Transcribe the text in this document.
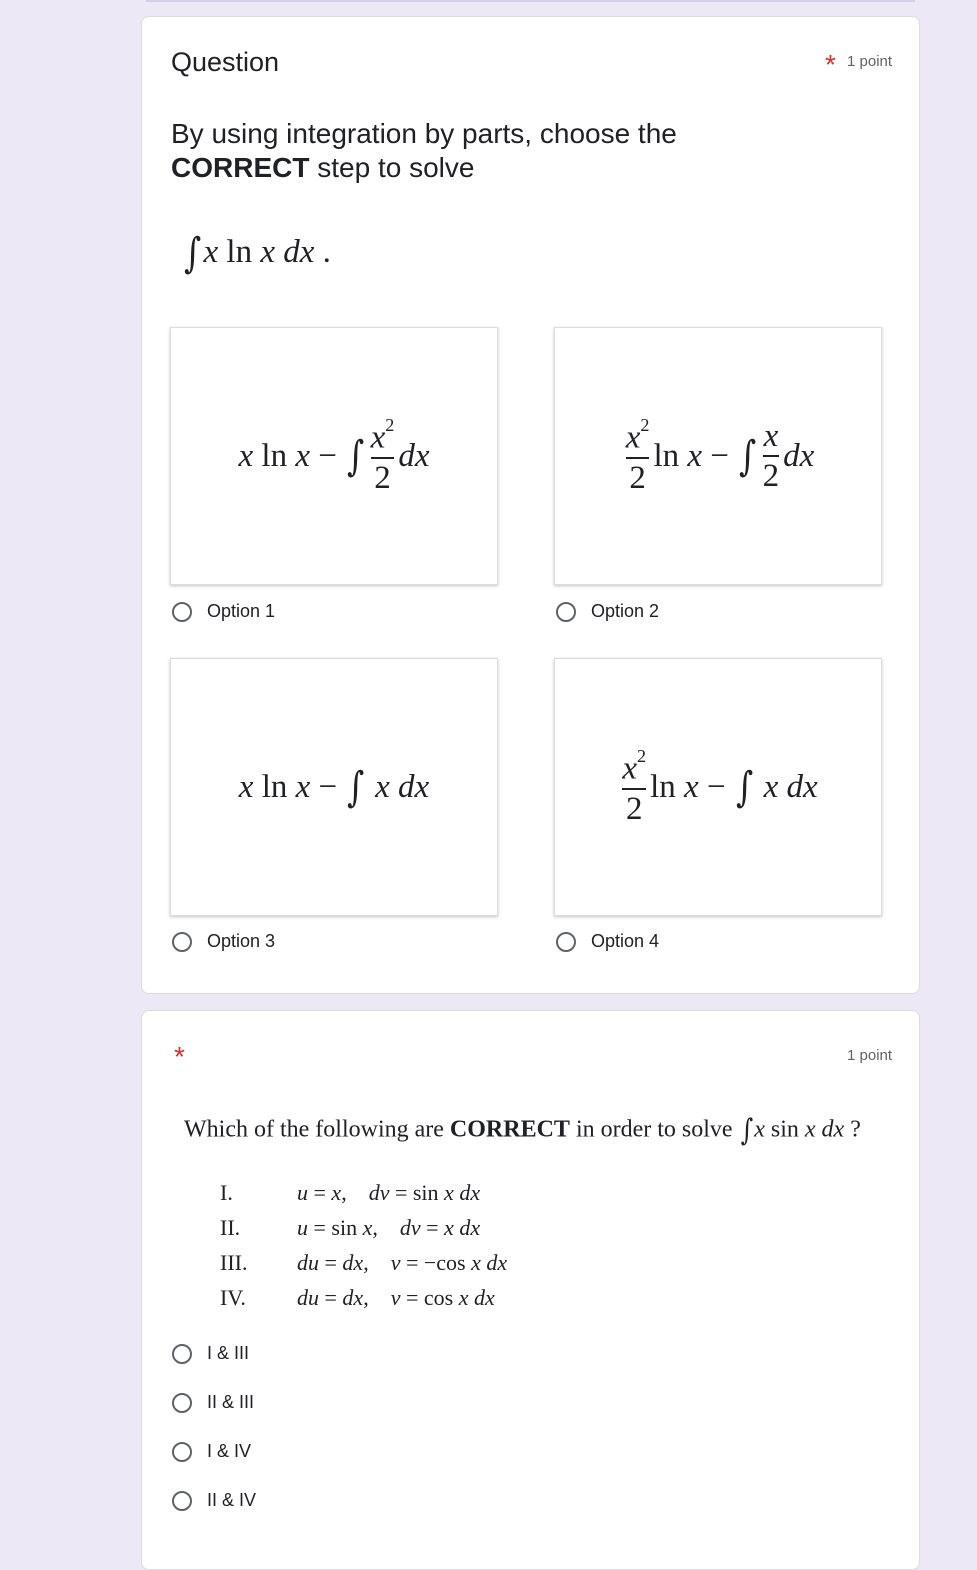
Question	* 1 point
By using integration by parts, choose the
CORRECT step to solve
∫x ln x dx .
x ln x − ∫ $\frac{x^2}{2}$ dx	$\frac{x^2}{2}$ ln x − ∫ $\frac{x}{2}$ dx
Option 1	Option 2
x ln x − ∫
x
dx	$\frac{x^2}{2}$ ln x − ∫
x
dx
Option 3	Option 4
*	1 point
Which of the following are CORRECT in order to solve ∫x sin x dx ?
I.	u = x, dv = sin x dx
II.	u = sin x, dv = x dx
III.	du = dx, v = −cos x dx
IV.	du = dx, v = cos x dx
I & III
II & III
I & IV
II & IV
